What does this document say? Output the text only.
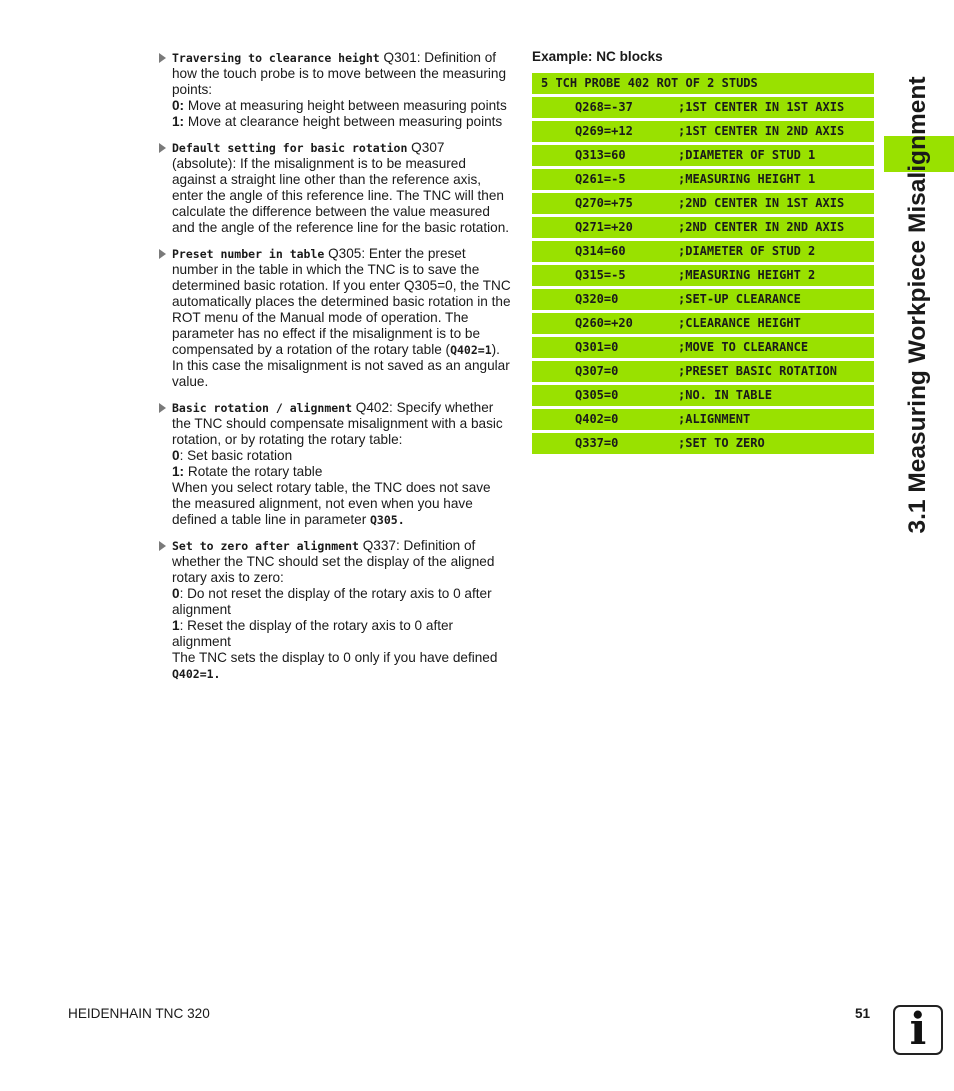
Traversing to clearance height Q301: Definition of how the touch probe is to move between the measuring points:
0: Move at measuring height between measuring points
1: Move at clearance height between measuring points
Default setting for basic rotation Q307 (absolute): If the misalignment is to be measured against a straight line other than the reference axis, enter the angle of this reference line. The TNC will then calculate the difference between the value measured and the angle of the reference line for the basic rotation.
Preset number in table Q305: Enter the preset number in the table in which the TNC is to save the determined basic rotation. If you enter Q305=0, the TNC automatically places the determined basic rotation in the ROT menu of the Manual mode of operation. The parameter has no effect if the misalignment is to be compensated by a rotation of the rotary table (Q402=1). In this case the misalignment is not saved as an angular value.
Basic rotation / alignment Q402: Specify whether the TNC should compensate misalignment with a basic rotation, or by rotating the rotary table:
0: Set basic rotation
1: Rotate the rotary table
When you select rotary table, the TNC does not save the measured alignment, not even when you have defined a table line in parameter Q305.
Set to zero after alignment Q337: Definition of whether the TNC should set the display of the aligned rotary axis to zero:
0: Do not reset the display of the rotary axis to 0 after alignment
1: Reset the display of the rotary axis to 0 after alignment
The TNC sets the display to 0 only if you have defined Q402=1.
Example: NC blocks
5 TCH PROBE 402 ROT OF 2 STUDS
Q268=-37	;1ST CENTER IN 1ST AXIS
Q269=+12	;1ST CENTER IN 2ND AXIS
Q313=60	;DIAMETER OF STUD 1
Q261=-5	;MEASURING HEIGHT 1
Q270=+75	;2ND CENTER IN 1ST AXIS
Q271=+20	;2ND CENTER IN 2ND AXIS
Q314=60	;DIAMETER OF STUD 2
Q315=-5	;MEASURING HEIGHT 2
Q320=0	;SET-UP CLEARANCE
Q260=+20	;CLEARANCE HEIGHT
Q301=0	;MOVE TO CLEARANCE
Q307=0	;PRESET BASIC ROTATION
Q305=0	;NO. IN TABLE
Q402=0	;ALIGNMENT
Q337=0	;SET TO ZERO	3.1 Measuring Workpiece Misalignment
HEIDENHAIN TNC 320	51 i
